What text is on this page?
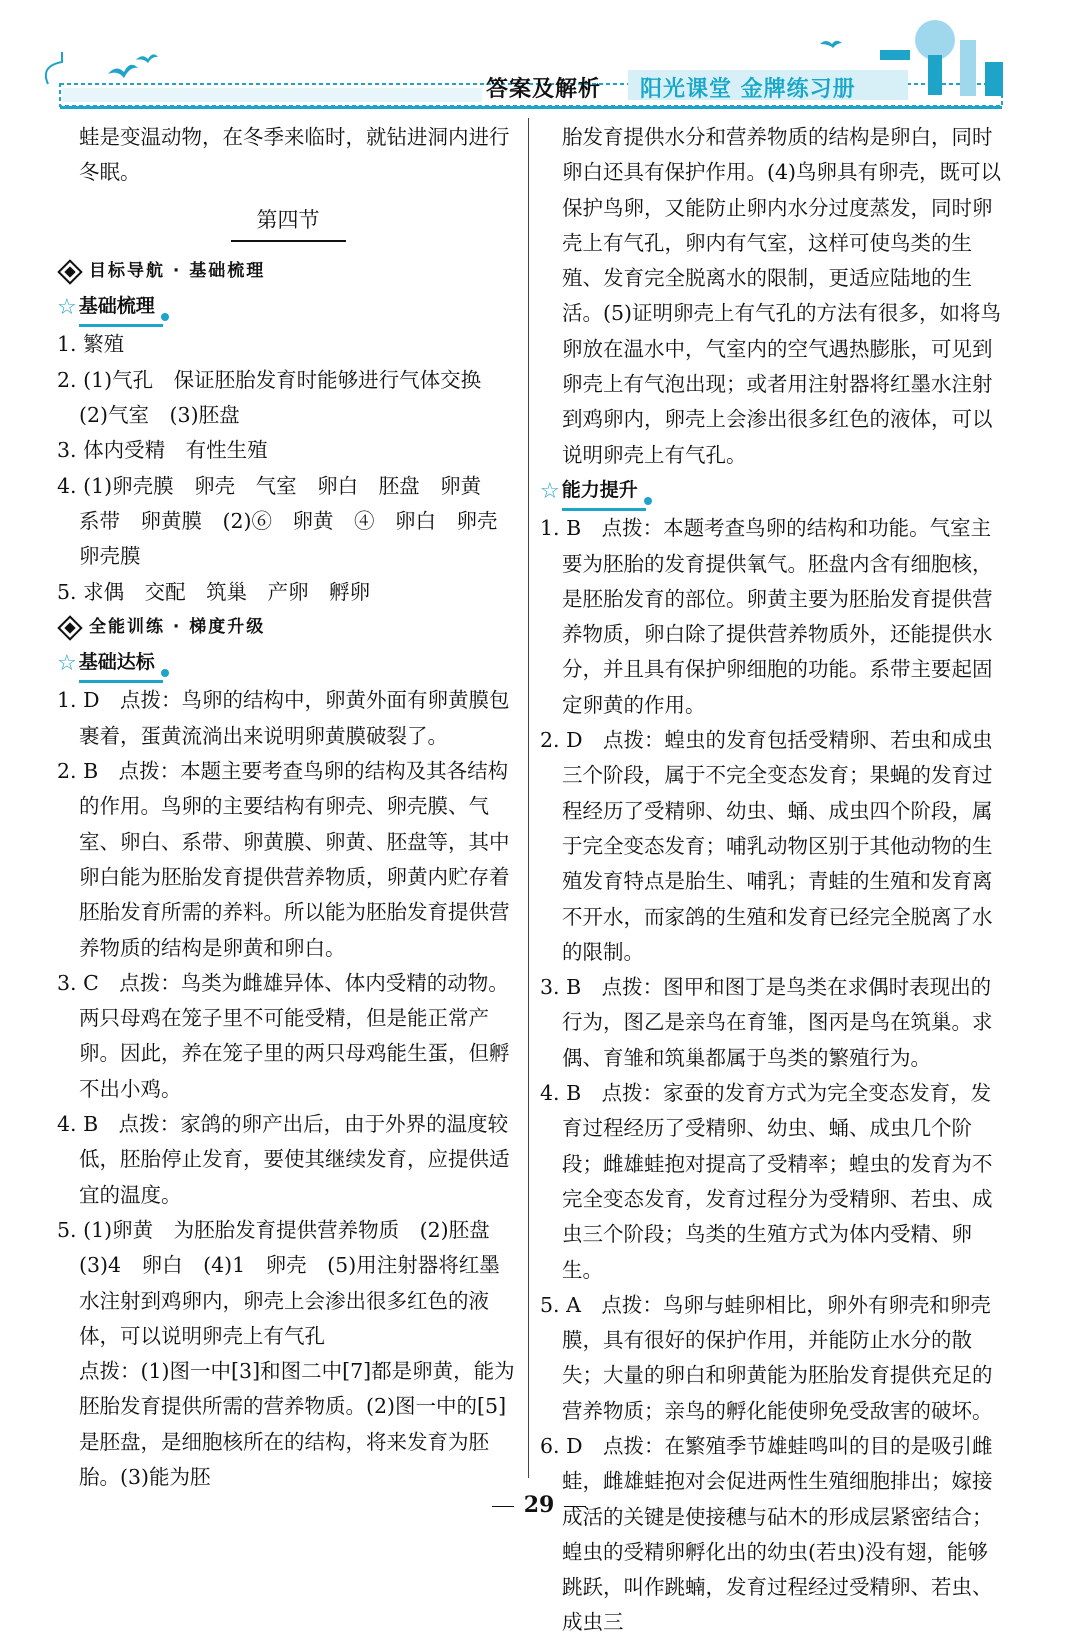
答案及解析 阳光课堂 金牌练习册

蛙是变温动物，在冬季来临时，就钻进洞内进行冬眠。

第四节
目标导航 · 基础梳理
☆ 基础梳理

1. 繁殖

2. (1)气孔　保证胚胎发育时能够进行气体交换

(2)气室　(3)胚盘

3. 体内受精　有性生殖

4. (1)卵壳膜　卵壳　气室　卵白　胚盘　卵黄　系带　卵黄膜　(2)⑥　卵黄　④　卵白　卵壳　卵壳膜

5. 求偶　交配　筑巢　产卵　孵卵

全能训练 · 梯度升级
☆ 基础达标

1. D　点拨：鸟卵的结构中，卵黄外面有卵黄膜包裹着，蛋黄流淌出来说明卵黄膜破裂了。

2. B　点拨：本题主要考查鸟卵的结构及其各结构的作用。鸟卵的主要结构有卵壳、卵壳膜、气室、卵白、系带、卵黄膜、卵黄、胚盘等，其中卵白能为胚胎发育提供营养物质，卵黄内贮存着胚胎发育所需的养料。所以能为胚胎发育提供营养物质的结构是卵黄和卵白。

3. C　点拨：鸟类为雌雄异体、体内受精的动物。两只母鸡在笼子里不可能受精，但是能正常产卵。因此，养在笼子里的两只母鸡能生蛋，但孵不出小鸡。

4. B　点拨：家鸽的卵产出后，由于外界的温度较低，胚胎停止发育，要使其继续发育，应提供适宜的温度。

5. (1)卵黄　为胚胎发育提供营养物质　(2)胚盘

(3)4　卵白　(4)1　卵壳　(5)用注射器将红墨水注射到鸡卵内，卵壳上会渗出很多红色的液体，可以说明卵壳上有气孔

点拨：(1)图一中[3]和图二中[7]都是卵黄，能为胚胎发育提供所需的营养物质。(2)图一中的[5]是胚盘，是细胞核所在的结构，将来发育为胚胎。(3)能为胚

胎发育提供水分和营养物质的结构是卵白，同时卵白还具有保护作用。(4)鸟卵具有卵壳，既可以保护鸟卵，又能防止卵内水分过度蒸发，同时卵壳上有气孔，卵内有气室，这样可使鸟类的生殖、发育完全脱离水的限制，更适应陆地的生活。(5)证明卵壳上有气孔的方法有很多，如将鸟卵放在温水中，气室内的空气遇热膨胀，可见到卵壳上有气泡出现；或者用注射器将红墨水注射到鸡卵内，卵壳上会渗出很多红色的液体，可以说明卵壳上有气孔。

☆ 能力提升

1. B　点拨：本题考查鸟卵的结构和功能。气室主要为胚胎的发育提供氧气。胚盘内含有细胞核，是胚胎发育的部位。卵黄主要为胚胎发育提供营养物质，卵白除了提供营养物质外，还能提供水分，并且具有保护卵细胞的功能。系带主要起固定卵黄的作用。

2. D　点拨：蝗虫的发育包括受精卵、若虫和成虫三个阶段，属于不完全变态发育；果蝇的发育过程经历了受精卵、幼虫、蛹、成虫四个阶段，属于完全变态发育；哺乳动物区别于其他动物的生殖发育特点是胎生、哺乳；青蛙的生殖和发育离不开水，而家鸽的生殖和发育已经完全脱离了水的限制。

3. B　点拨：图甲和图丁是鸟类在求偶时表现出的行为，图乙是亲鸟在育雏，图丙是鸟在筑巢。求偶、育雏和筑巢都属于鸟类的繁殖行为。

4. B　点拨：家蚕的发育方式为完全变态发育，发育过程经历了受精卵、幼虫、蛹、成虫几个阶段；雌雄蛙抱对提高了受精率；蝗虫的发育为不完全变态发育，发育过程分为受精卵、若虫、成虫三个阶段；鸟类的生殖方式为体内受精、卵生。

5. A　点拨：鸟卵与蛙卵相比，卵外有卵壳和卵壳膜，具有很好的保护作用，并能防止水分的散失；大量的卵白和卵黄能为胚胎发育提供充足的营养物质；亲鸟的孵化能使卵免受敌害的破坏。

6. D　点拨：在繁殖季节雄蛙鸣叫的目的是吸引雌蛙，雌雄蛙抱对会促进两性生殖细胞排出；嫁接成活的关键是使接穗与砧木的形成层紧密结合；蝗虫的受精卵孵化出的幼虫(若虫)没有翅，能够跳跃，叫作跳蝻，发育过程经过受精卵、若虫、成虫三

29
